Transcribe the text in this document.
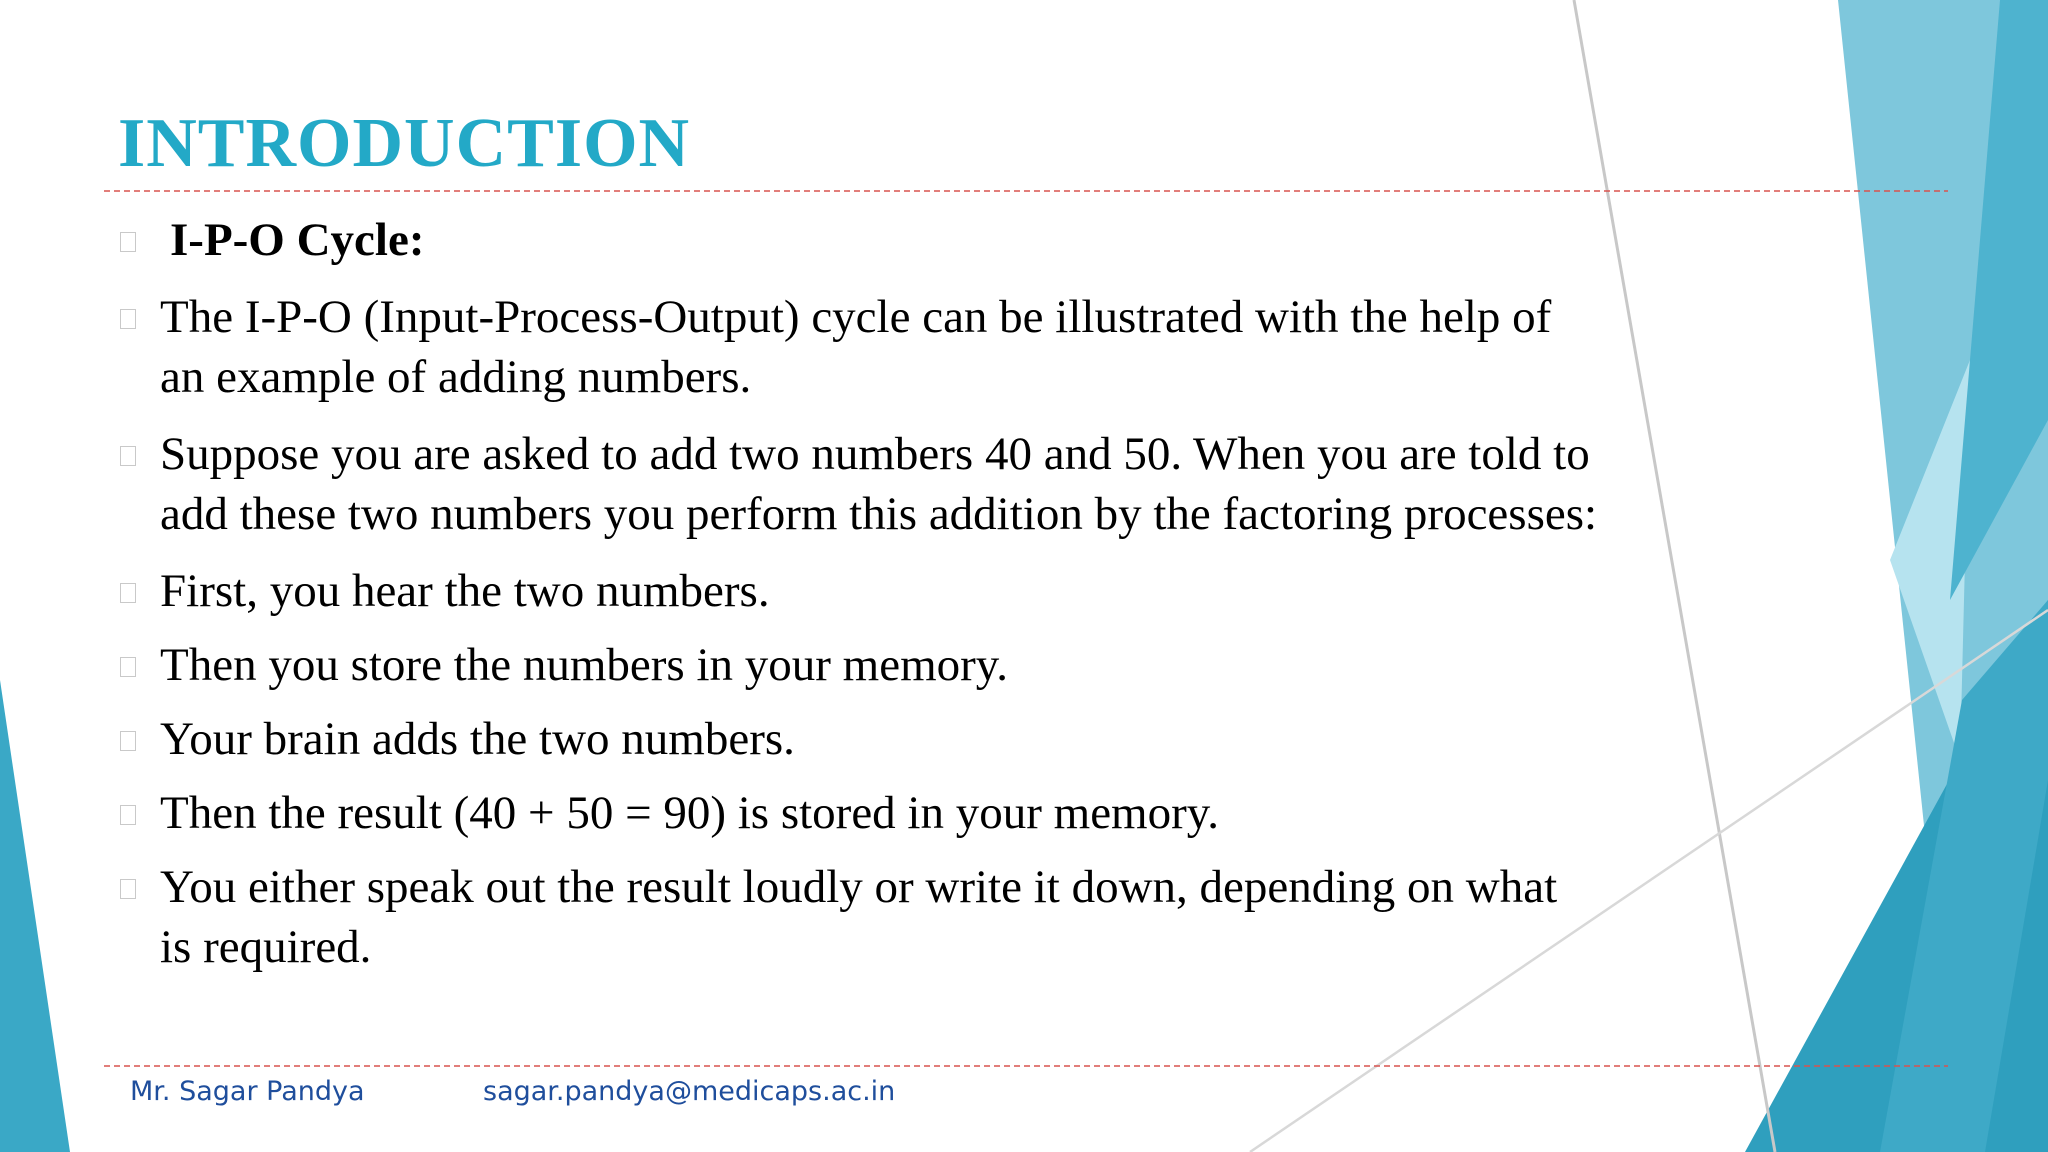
INTRODUCTION
I-P-O Cycle:
The I-P-O (Input-Process-Output) cycle can be illustrated with the help of an example of adding numbers.
Suppose you are asked to add two numbers 40 and 50. When you are told to add these two numbers you perform this addition by the factoring processes:
First, you hear the two numbers.
Then you store the numbers in your memory.
Your brain adds the two numbers.
Then the result (40 + 50 = 90) is stored in your memory.
You either speak out the result loudly or write it down, depending on what is required.
Mr. Sagar Pandya	sagar.pandya@medicaps.ac.in
